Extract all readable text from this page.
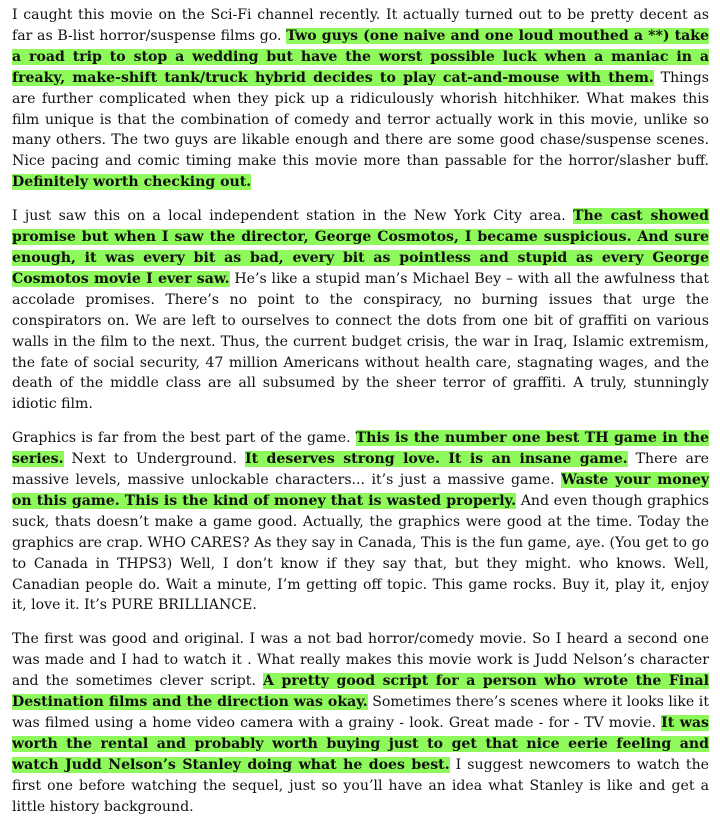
I caught this movie on the Sci-Fi channel recently. It actually turned out to be pretty decent as far as B-list horror/suspense films go. Two guys (one naive and one loud mouthed a **) take a road trip to stop a wedding but have the worst possible luck when a maniac in a freaky, make-shift tank/truck hybrid decides to play cat-and-mouse with them. Things are further complicated when they pick up a ridiculously whorish hitchhiker. What makes this film unique is that the combination of comedy and terror actually work in this movie, unlike so many others. The two guys are likable enough and there are some good chase/suspense scenes. Nice pacing and comic timing make this movie more than passable for the horror/slasher buff. Definitely worth checking out.

I just saw this on a local independent station in the New York City area. The cast showed promise but when I saw the director, George Cosmotos, I became suspicious. And sure enough, it was every bit as bad, every bit as pointless and stupid as every George Cosmotos movie I ever saw. He’s like a stupid man’s Michael Bey – with all the awfulness that accolade promises. There’s no point to the conspiracy, no burning issues that urge the conspirators on. We are left to ourselves to connect the dots from one bit of graffiti on various walls in the film to the next. Thus, the current budget crisis, the war in Iraq, Islamic extremism, the fate of social security, 47 million Americans without health care, stagnating wages, and the death of the middle class are all subsumed by the sheer terror of graffiti. A truly, stunningly idiotic film.

Graphics is far from the best part of the game. This is the number one best TH game in the series. Next to Underground. It deserves strong love. It is an insane game. There are massive levels, massive unlockable characters... it’s just a massive game. Waste your money on this game. This is the kind of money that is wasted properly. And even though graphics suck, thats doesn’t make a game good. Actually, the graphics were good at the time. Today the graphics are crap. WHO CARES? As they say in Canada, This is the fun game, aye. (You get to go to Canada in THPS3) Well, I don’t know if they say that, but they might. who knows. Well, Canadian people do. Wait a minute, I’m getting off topic. This game rocks. Buy it, play it, enjoy it, love it. It’s PURE BRILLIANCE.

The first was good and original. I was a not bad horror/comedy movie. So I heard a second one was made and I had to watch it . What really makes this movie work is Judd Nelson’s character and the sometimes clever script. A pretty good script for a person who wrote the Final Destination films and the direction was okay. Sometimes there’s scenes where it looks like it was filmed using a home video camera with a grainy - look. Great made - for - TV movie. It was worth the rental and probably worth buying just to get that nice eerie feeling and watch Judd Nelson’s Stanley doing what he does best. I suggest newcomers to watch the first one before watching the sequel, just so you’ll have an idea what Stanley is like and get a little history background.
